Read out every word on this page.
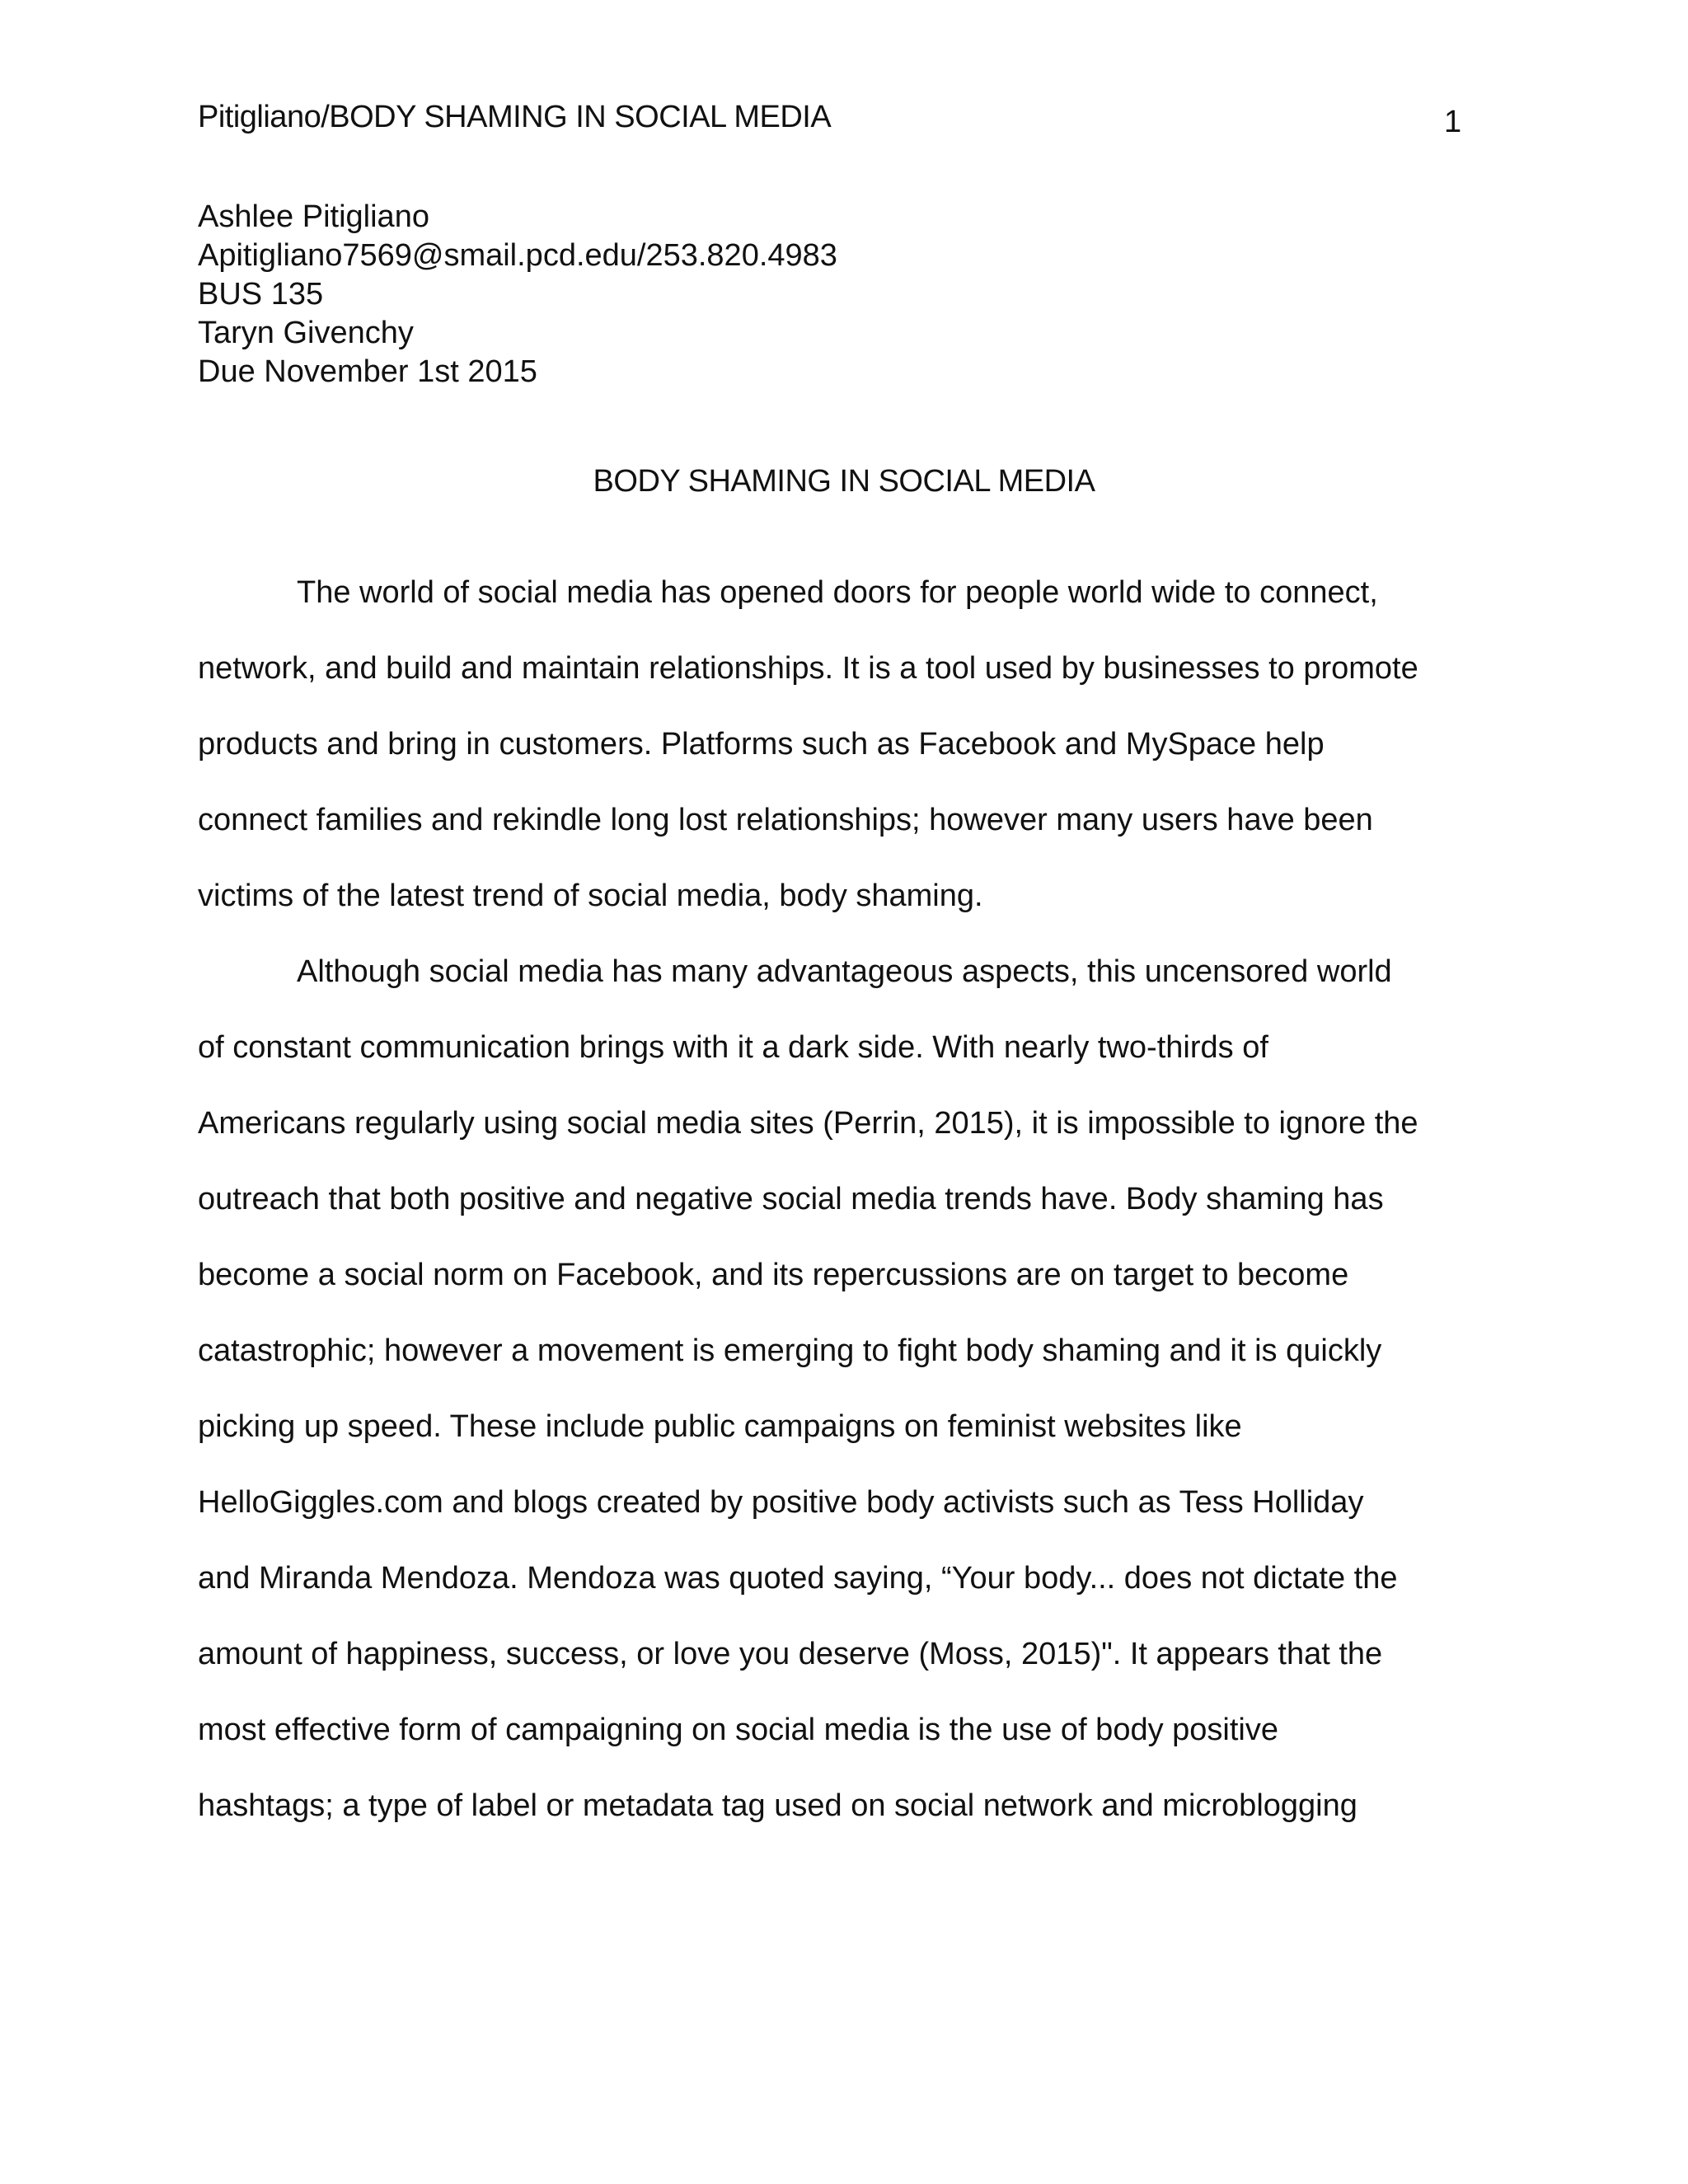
Pitigliano/BODY SHAMING IN SOCIAL MEDIA	1
Ashlee Pitigliano
Apitigliano7569@smail.pcd.edu/253.820.4983
BUS 135
Taryn Givenchy
Due November 1st 2015
BODY SHAMING IN SOCIAL MEDIA
The world of social media has opened doors for people world wide to connect,
network, and build and maintain relationships. It is a tool used by businesses to promote
products and bring in customers. Platforms such as Facebook and MySpace help
connect families and rekindle long lost relationships; however many users have been
victims of the latest trend of social media, body shaming.
Although social media has many advantageous aspects, this uncensored world
of constant communication brings with it a dark side. With nearly two-thirds of
Americans regularly using social media sites (Perrin, 2015), it is impossible to ignore the
outreach that both positive and negative social media trends have. Body shaming has
become a social norm on Facebook, and its repercussions are on target to become
catastrophic; however a movement is emerging to fight body shaming and it is quickly
picking up speed. These include public campaigns on feminist websites like
HelloGiggles.com and blogs created by positive body activists such as Tess Holliday
and Miranda Mendoza. Mendoza was quoted saying, “Your body... does not dictate the
amount of happiness, success, or love you deserve (Moss, 2015)". It appears that the
most effective form of campaigning on social media is the use of body positive
hashtags; a type of label or metadata tag used on social network and microblogging
